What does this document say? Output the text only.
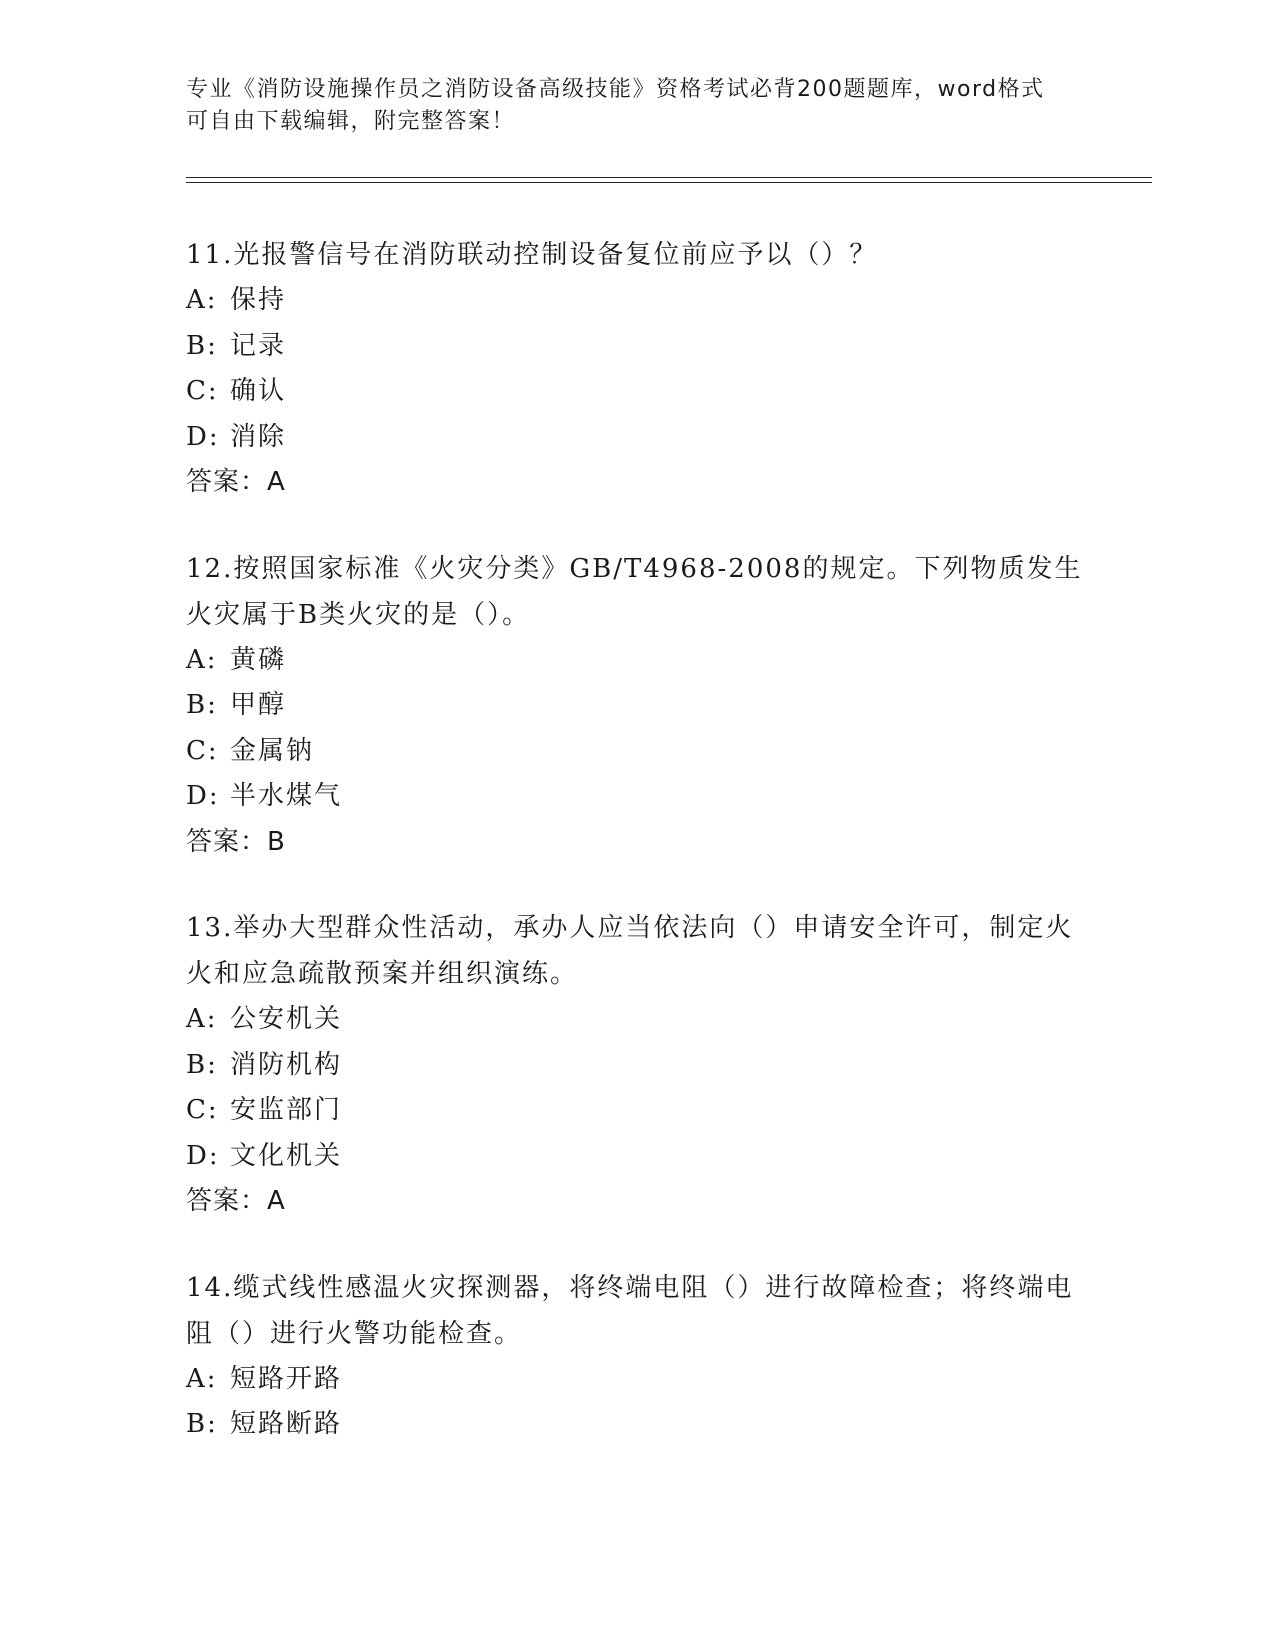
专业《消防设施操作员之消防设备高级技能》资格考试必背200题题库，word格式可自由下载编辑，附完整答案！

11.光报警信号在消防联动控制设备复位前应予以（）？

A: 保持
B: 记录
C: 确认
D: 消除
答案：A

12.按照国家标准《火灾分类》GB/T4968-2008的规定。下列物质发生火灾属于B类火灾的是（）。

A: 黄磷
B: 甲醇
C: 金属钠
D: 半水煤气
答案：B

13.举办大型群众性活动，承办人应当依法向（）申请安全许可，制定火火和应急疏散预案并组织演练。

A: 公安机关
B: 消防机构
C: 安监部门
D: 文化机关
答案：A

14.缆式线性感温火灾探测器，将终端电阻（）进行故障检查；将终端电阻（）进行火警功能检查。

A: 短路开路
B: 短路断路
